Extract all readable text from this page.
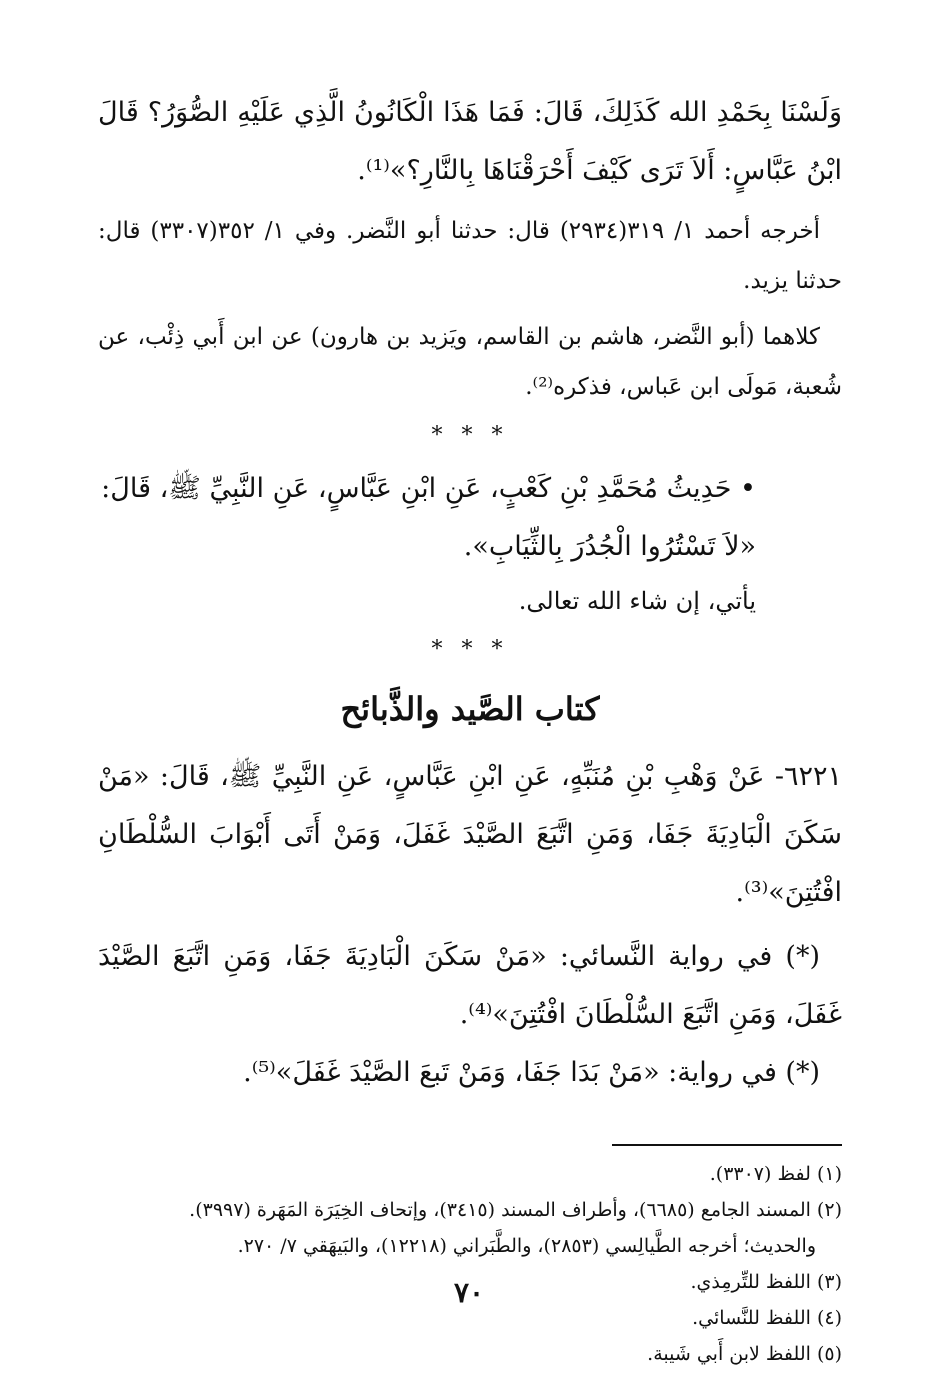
وَلَسْنَا بِحَمْدِ الله كَذَلِكَ، قَالَ: فَمَا هَذَا الْكَانُونُ الَّذِي عَلَيْهِ الصُّوَرُ؟ قَالَ ابْنُ عَبَّاسٍ: أَلاَ تَرَى كَيْفَ أَحْرَقْنَاهَا بِالنَّارِ؟»⁽¹⁾.

أخرجه أحمد ١/ ٣١٩(٢٩٣٤) قال: حدثنا أبو النَّضر. وفي ١/ ٣٥٢(٣٣٠٧) قال: حدثنا يزيد.

كلاهما (أبو النَّضر، هاشم بن القاسم، ويَزيد بن هارون) عن ابن أَبي ذِئْب، عن شُعبة، مَولَى ابن عَباس، فذكره⁽²⁾.

* * *

• حَدِيثُ مُحَمَّدِ بْنِ كَعْبٍ، عَنِ ابْنِ عَبَّاسٍ، عَنِ النَّبِيِّ ﷺ، قَالَ:

«لاَ تَسْتُرُوا الْجُدُرَ بِالثِّيَابِ».

يأتي، إن شاء الله تعالى.

* * *
كتاب الصَّيد والذَّبائح

٦٢٢١- عَنْ وَهْبِ بْنِ مُنَبِّهٍ، عَنِ ابْنِ عَبَّاسٍ، عَنِ النَّبِيِّ ﷺ، قَالَ: «مَنْ سَكَنَ الْبَادِيَةَ جَفَا، وَمَنِ اتَّبَعَ الصَّيْدَ غَفَلَ، وَمَنْ أَتَى أَبْوَابَ السُّلْطَانِ افْتُتِنَ»⁽³⁾.

(*) في رواية النَّسائي: «مَنْ سَكَنَ الْبَادِيَةَ جَفَا، وَمَنِ اتَّبَعَ الصَّيْدَ غَفَلَ، وَمَنِ اتَّبَعَ السُّلْطَانَ افْتُتِنَ»⁽⁴⁾.

(*) في رواية: «مَنْ بَدَا جَفَا، وَمَنْ تَبعَ الصَّيْدَ غَفَلَ»⁽⁵⁾.

(١) لفظ (٣٣٠٧).

(٢) المسند الجامع (٦٦٨٥)، وأطراف المسند (٣٤١٥)، وإتحاف الخِيَرَة المَهَرة (٣٩٩٧).

والحديث؛ أخرجه الطَّيالِسي (٢٨٥٣)، والطَّبَراني (١٢٢١٨)، والبَيهَقي ٧/ ٢٧٠.

(٣) اللفظ للتِّرمِذي.

(٤) اللفظ للنَّسائي.

(٥) اللفظ لابن أَبي شَيبة.

٧٠
